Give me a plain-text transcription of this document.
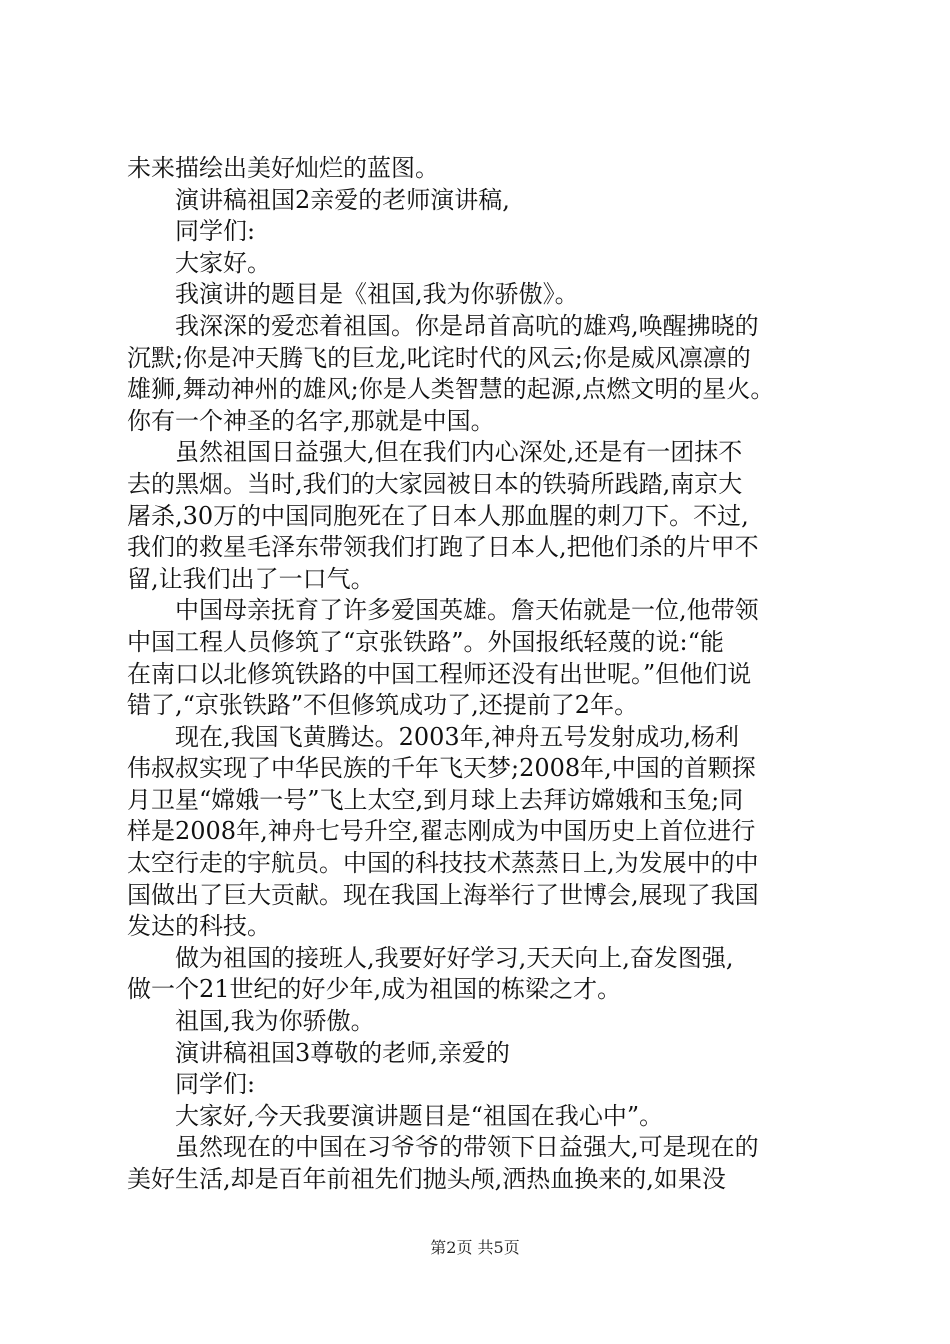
未来描绘出美好灿烂的蓝图。
演讲稿祖国2亲爱的老师演讲稿,
同学们:
大家好。
我演讲的题目是《祖国,我为你骄傲》。
我深深的爱恋着祖国。你是昂首高吭的雄鸡,唤醒拂晓的
沉默;你是冲天腾飞的巨龙,叱诧时代的风云;你是威风凛凛的
雄狮,舞动神州的雄风;你是人类智慧的起源,点燃文明的星火。
你有一个神圣的名字,那就是中国。
虽然祖国日益强大,但在我们内心深处,还是有一团抹不
去的黑烟。当时,我们的大家园被日本的铁骑所践踏,南京大
屠杀,30万的中国同胞死在了日本人那血腥的刺刀下。不过,
我们的救星毛泽东带领我们打跑了日本人,把他们杀的片甲不
留,让我们出了一口气。
中国母亲抚育了许多爱国英雄。詹天佑就是一位,他带领
中国工程人员修筑了“京张铁路”。外国报纸轻蔑的说:“能
在南口以北修筑铁路的中国工程师还没有出世呢。”但他们说
错了,“京张铁路”不但修筑成功了,还提前了2年。
现在,我国飞黄腾达。2003年,神舟五号发射成功,杨利
伟叔叔实现了中华民族的千年飞天梦;2008年,中国的首颗探
月卫星“嫦娥一号”飞上太空,到月球上去拜访嫦娥和玉兔;同
样是2008年,神舟七号升空,翟志刚成为中国历史上首位进行
太空行走的宇航员。中国的科技技术蒸蒸日上,为发展中的中
国做出了巨大贡献。现在我国上海举行了世博会,展现了我国
发达的科技。
做为祖国的接班人,我要好好学习,天天向上,奋发图强,
做一个21世纪的好少年,成为祖国的栋梁之才。
祖国,我为你骄傲。
演讲稿祖国3尊敬的老师,亲爱的
同学们:
大家好,今天我要演讲题目是“祖国在我心中”。
虽然现在的中国在习爷爷的带领下日益强大,可是现在的
美好生活,却是百年前祖先们抛头颅,洒热血换来的,如果没
第2页 共5页
